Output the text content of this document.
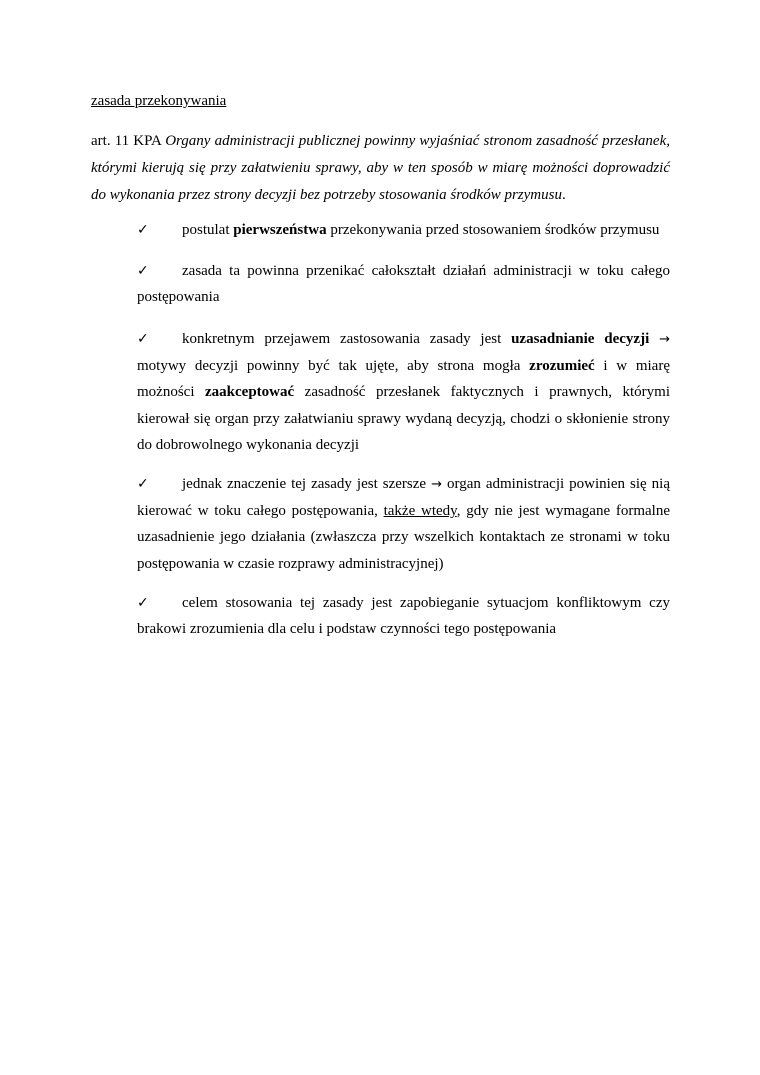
zasada przekonywania
art. 11 KPA Organy administracji publicznej powinny wyjaśniać stronom zasadność przesłanek, którymi kierują się przy załatwieniu sprawy, aby w ten sposób w miarę możności doprowadzić do wykonania przez strony decyzji bez potrzeby stosowania środków przymusu.
✓ postulat pierwszeństwa przekonywania przed stosowaniem środków przymusu
✓ zasada ta powinna przenikać całokształt działań administracji w toku całego postępowania
✓ konkretnym przejawem zastosowania zasady jest uzasadnianie decyzji → motywy decyzji powinny być tak ujęte, aby strona mogła zrozumieć i w miarę możności zaakceptować zasadność przesłanek faktycznych i prawnych, którymi kierował się organ przy załatwianiu sprawy wydaną decyzją, chodzi o skłonienie strony do dobrowolnego wykonania decyzji
✓ jednak znaczenie tej zasady jest szersze → organ administracji powinien się nią kierować w toku całego postępowania, także wtedy, gdy nie jest wymagane formalne uzasadnienie jego działania (zwłaszcza przy wszelkich kontaktach ze stronami w toku postępowania w czasie rozprawy administracyjnej)
✓ celem stosowania tej zasady jest zapobieganie sytuacjom konfliktowym czy brakowi zrozumienia dla celu i podstaw czynności tego postępowania
